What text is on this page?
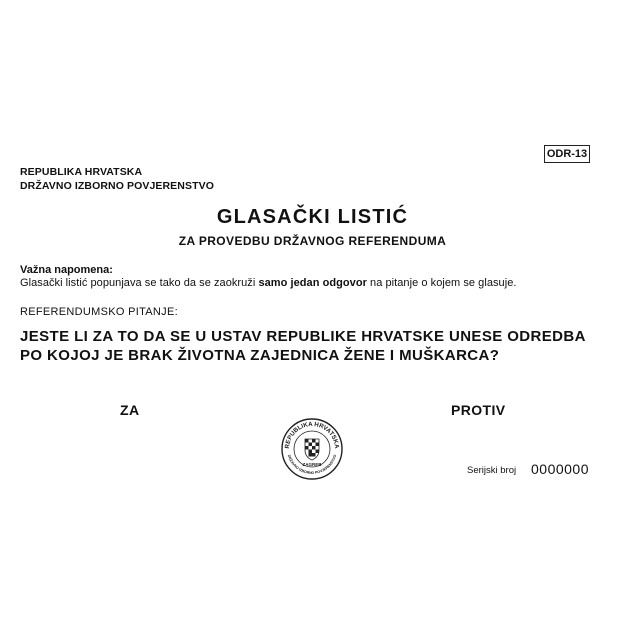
ODR-13
REPUBLIKA HRVATSKA
DRŽAVNO IZBORNO POVJERENSTVO
GLASAČKI LISTIĆ
ZA PROVEDBU DRŽAVNOG REFERENDUMA
Važna napomena:
Glasački listić popunjava se tako da se zaokruži samo jedan odgovor na pitanje o kojem se glasuje.
REFERENDUMSKO PITANJE:
JESTE LI ZA TO DA SE U USTAV REPUBLIKE HRVATSKE UNESE ODREDBA
PO KOJOJ JE BRAK ŽIVOTNA ZAJEDNICA ŽENE I MUŠKARCA?
ZA	PROTIV
REPUBLIKA HRVATSKA
DRŽAVNO IZBORNO POVJERENSTVO
ZAGREB
Serijski broj 0000000
